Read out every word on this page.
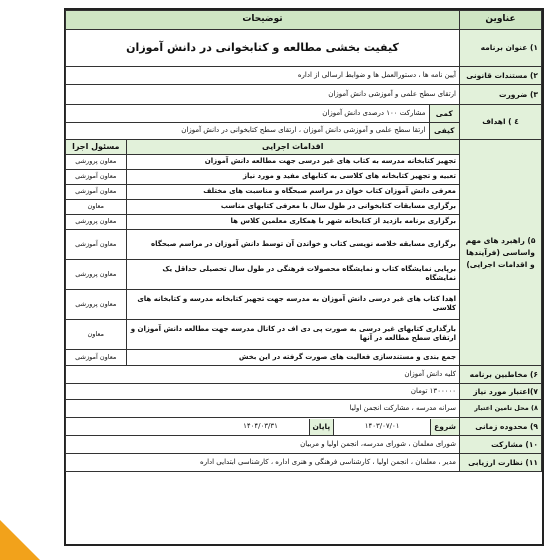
عناوین	توضیحات
۱) عنوان برنامه	کیفیت بخشی مطالعه و کتابخوانی در دانش آموزان
۲) مستندات قانونی	آیین نامه ها ، دستورالعمل ها و ضوابط ارسالی از اداره
۳) ضرورت	ارتقای سطح علمی و آموزشی دانش آموزان
٤ ) اهداف	
کمی	مشارکت ۱۰۰ درصدی دانش آموزان
کیفی	ارتقا سطح علمی و آموزشی دانش آموزان ، ارتقای سطح کتابخوانی در دانش آموزان

۵) راهبرد های مهم واساسی (فرآیندها و اقدامات اجرایی)	
اقدامات اجرایی	مسئول اجرا
تجهیز کتابخانه مدرسه به کتاب های غیر درسی جهت مطالعه دانش آموزان	معاون پرورشی
تعبیه و تجهیز کتابخانه های کلاسی به کتابهای مفید و مورد نیاز	معاون آموزشی
معرفی دانش آموزان کتاب خوان در مراسم صبحگاه و مناسبت های مختلف	معاون آموزشی
برگزاری مسابقات کتابخوانی در طول سال با معرفی کتابهای مناسب	معاون
برگزاری برنامه بازدید از کتابخانه شهر با همکاری معلمین کلاس ها	معاون پرورشی
برگزاری مسابقه خلاصه نویسی کتاب و خواندن آن توسط دانش آموزان در مراسم صبحگاه	معاون آموزشی
برپایی نمایشگاه کتاب و نمایشگاه محصولات فرهنگی در طول سال تحصیلی حداقل یک نمایشگاه	معاون پرورشی
اهدا کتاب های غیر درسی دانش آموزان به مدرسه جهت تجهیز کتابخانه مدرسه و کتابخانه های کلاسی	معاون پرورشی
بارگذاری کتابهای غیر درسی به صورت پی دی اف در کانال مدرسه جهت مطالعه دانش آموزان و ارتقای سطح مطالعه در آنها	معاون
جمع بندی و مستندسازی فعالیت های صورت گرفته در این بخش	معاون آموزشی

۶) مخاطبین برنامه	کلیه دانش آموزان
۷)اعتبار مورد نیاز	۱۳۰۰۰۰۰ تومان
۸) محل تامین اعتبار	سرانه مدرسه ، مشارکت انجمن اولیا
۹) محدوده زمانی	
شروع	۱۴۰۳/۰۷/۰۱	پایان	۱۴۰۴/۰۳/۳۱

۱۰) مشارکت	شورای معلمان ، شورای مدرسه، انجمن اولیا و مربیان
۱۱) نظارت ارزیابی	مدیر ، معلمان ، انجمن اولیا ، کارشناسی فرهنگی و هنری اداره ، کارشناسی ابتدایی اداره
